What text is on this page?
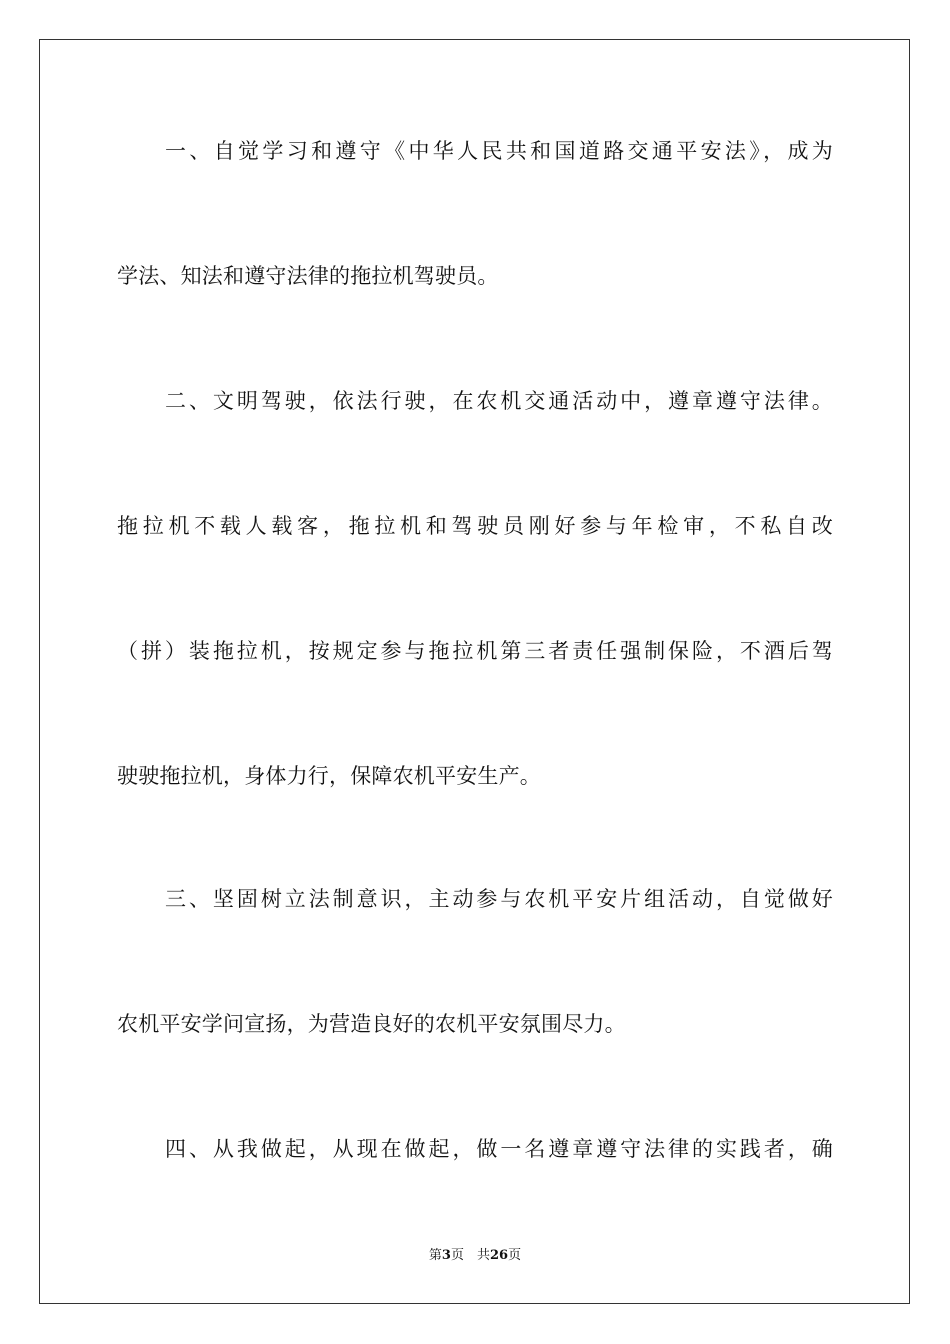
一、自觉学习和遵守《中华人民共和国道路交通平安法》，成为
学法、知法和遵守法律的拖拉机驾驶员。
二、文明驾驶，依法行驶，在农机交通活动中，遵章遵守法律。
拖拉机不载人载客，拖拉机和驾驶员刚好参与年检审，不私自改
（拼）装拖拉机，按规定参与拖拉机第三者责任强制保险，不酒后驾
驶驶拖拉机，身体力行，保障农机平安生产。
三、坚固树立法制意识，主动参与农机平安片组活动，自觉做好
农机平安学问宣扬，为营造良好的农机平安氛围尽力。
四、从我做起，从现在做起，做一名遵章遵守法律的实践者，确
第3页　共26页
